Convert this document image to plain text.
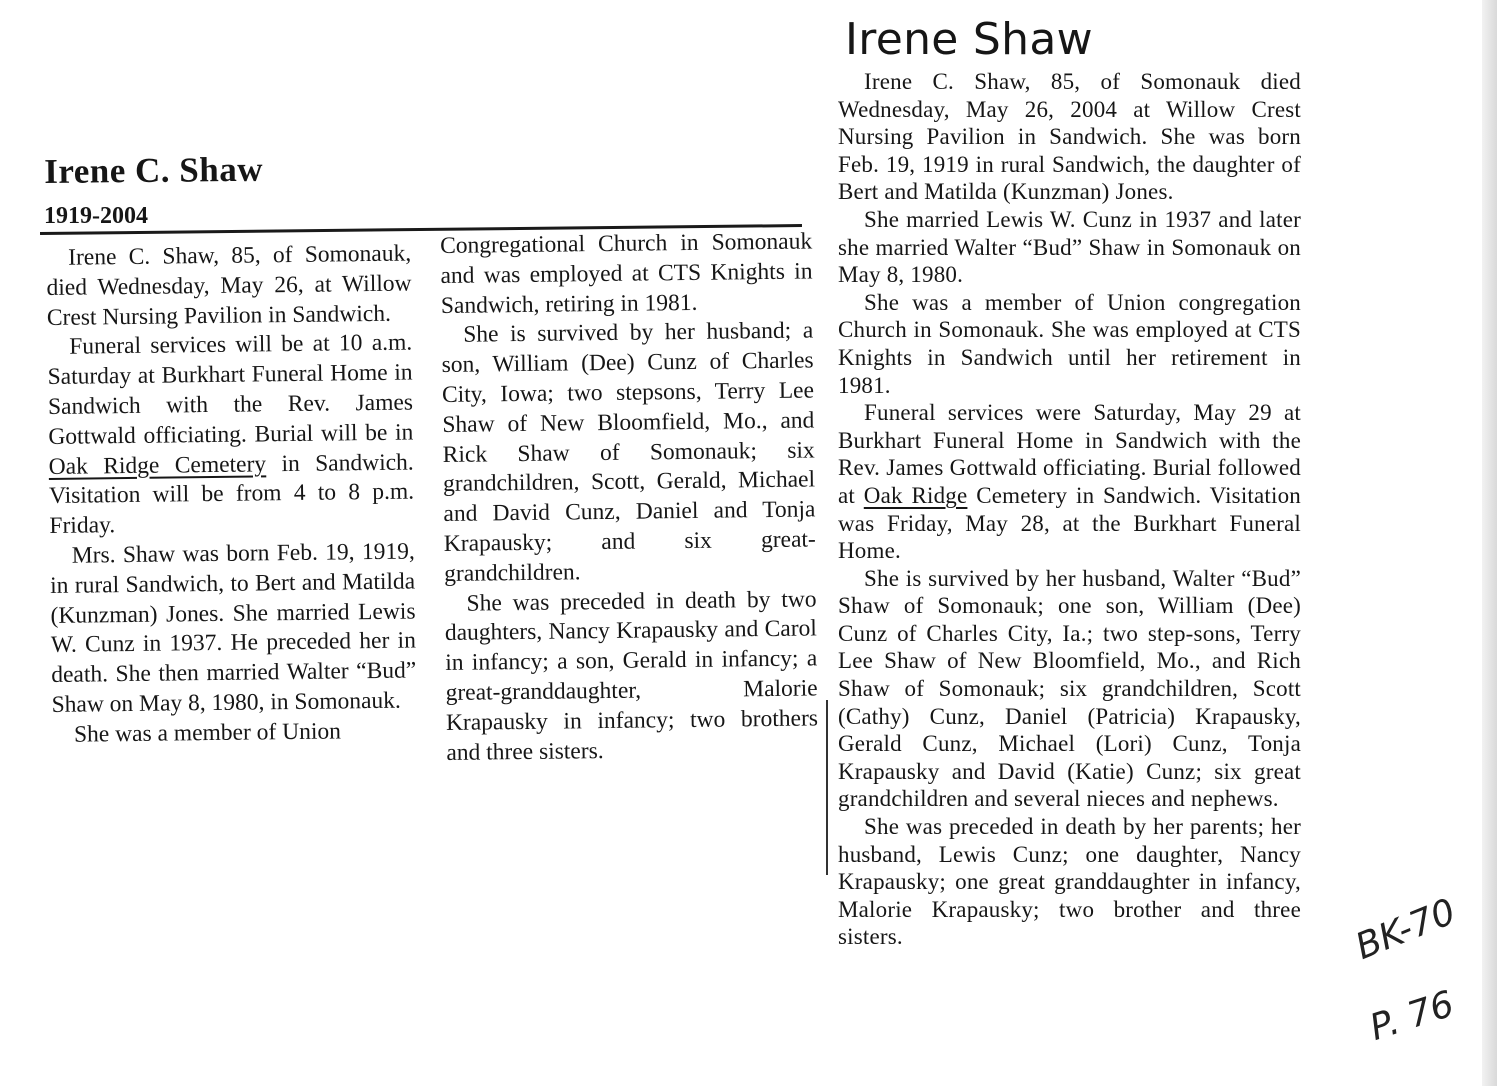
Irene C. Shaw
1919-2004

Irene C. Shaw, 85, of Somonauk, died Wednesday, May 26, at Willow Crest Nursing Pavilion in Sandwich.

Funeral services will be at 10 a.m. Saturday at Burkhart Funeral Home in Sandwich with the Rev. James Gottwald officiating. Burial will be in Oak Ridge Cemetery in Sandwich. Visitation will be from 4 to 8 p.m. Friday.

Mrs. Shaw was born Feb. 19, 1919, in rural Sandwich, to Bert and Matilda (Kunzman) Jones. She married Lewis W. Cunz in 1937. He preceded her in death. She then married Walter “Bud” Shaw on May 8, 1980, in Somonauk.

She was a member of Union

Congregational Church in Somonauk and was employed at CTS Knights in Sandwich, retiring in 1981.

She is survived by her husband; a son, William (Dee) Cunz of Charles City, Iowa; two stepsons, Terry Lee Shaw of New Bloomfield, Mo., and Rick Shaw of Somonauk; six grandchildren, Scott, Gerald, Michael and David Cunz, Daniel and Tonja Krapausky; and six great-grandchildren.

She was preceded in death by two daughters, Nancy Krapausky and Carol in infancy; a son, Gerald in infancy; a great-granddaughter, Malorie Krapausky in infancy; two brothers and three sisters.

Irene Shaw

Irene C. Shaw, 85, of Somonauk died Wednesday, May 26, 2004 at Willow Crest Nursing Pavilion in Sandwich. She was born Feb. 19, 1919 in rural Sandwich, the daughter of Bert and Matilda (Kunzman) Jones.

She married Lewis W. Cunz in 1937 and later she married Walter “Bud” Shaw in Somonauk on May 8, 1980.

She was a member of Union congregation Church in Somonauk. She was employed at CTS Knights in Sandwich until her retirement in 1981.

Funeral services were Saturday, May 29 at Burkhart Funeral Home in Sandwich with the Rev. James Gottwald officiating. Burial followed at Oak Ridge Cemetery in Sandwich. Visitation was Friday, May 28, at the Burkhart Funeral Home.

She is survived by her husband, Walter “Bud” Shaw of Somonauk; one son, William (Dee) Cunz of Charles City, Ia.; two step-sons, Terry Lee Shaw of New Bloomfield, Mo., and Rich Shaw of Somonauk; six grandchildren, Scott (Cathy) Cunz, Daniel (Patricia) Krapausky, Gerald Cunz, Michael (Lori) Cunz, Tonja Krapausky and David (Katie) Cunz; six great grandchildren and several nieces and nephews.

She was preceded in death by her parents; her husband, Lewis Cunz; one daughter, Nancy Krapausky; one great granddaughter in infancy, Malorie Krapausky; two brother and three sisters.	BK-70
P. 76
